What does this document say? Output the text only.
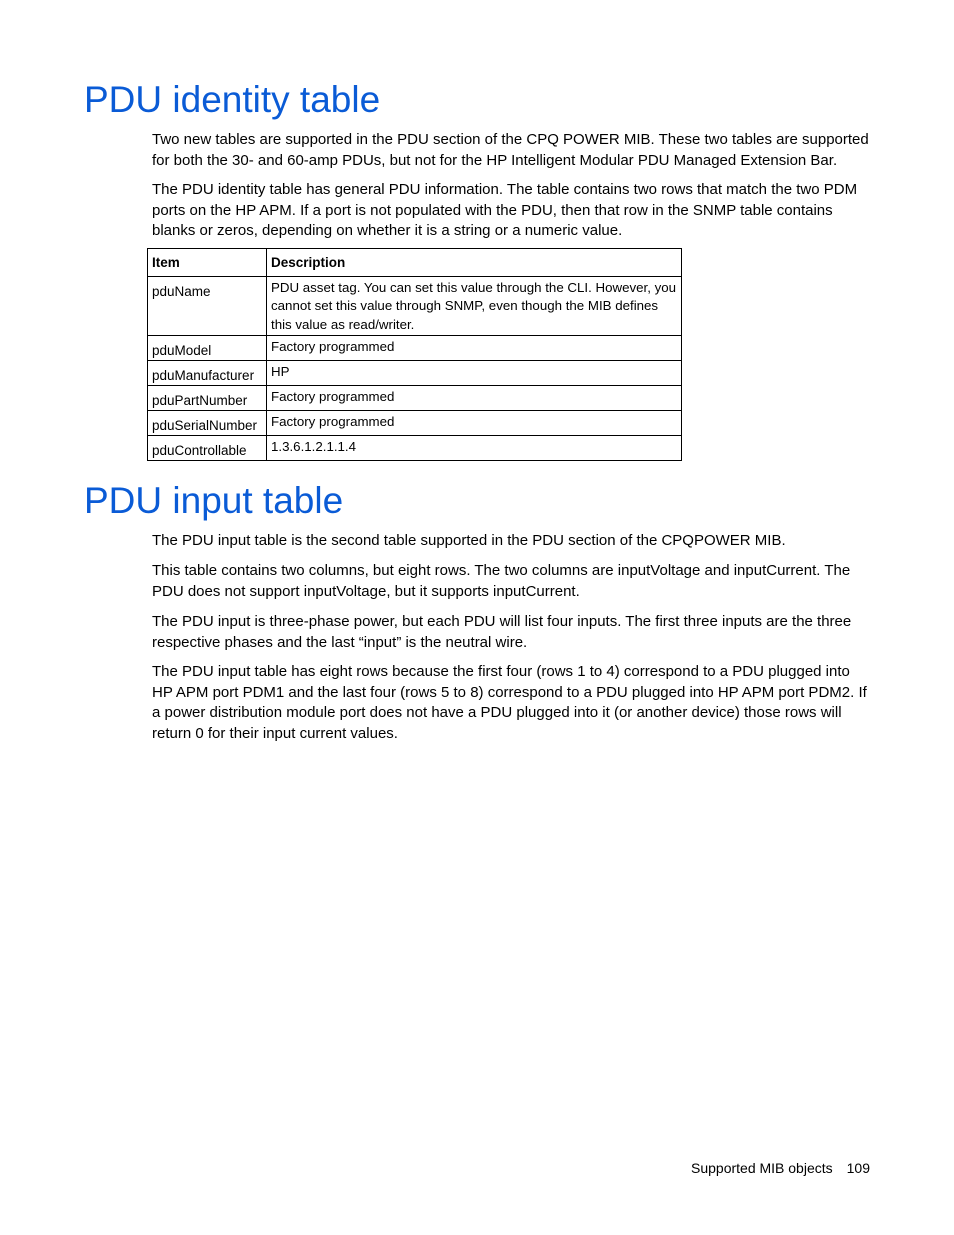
PDU identity table

Two new tables are supported in the PDU section of the CPQ POWER MIB. These two tables are supported for both the 30- and 60-amp PDUs, but not for the HP Intelligent Modular PDU Managed Extension Bar.

The PDU identity table has general PDU information. The table contains two rows that match the two PDM ports on the HP APM. If a port is not populated with the PDU, then that row in the SNMP table contains blanks or zeros, depending on whether it is a string or a numeric value.

Item	Description
pduName	PDU asset tag. You can set this value through the CLI. However, you cannot set this value through SNMP, even though the MIB defines this value as read/writer.
pduModel	Factory programmed
pduManufacturer	HP
pduPartNumber	Factory programmed
pduSerialNumber	Factory programmed
pduControllable	1.3.6.1.2.1.1.4
PDU input table

The PDU input table is the second table supported in the PDU section of the CPQPOWER MIB.

This table contains two columns, but eight rows. The two columns are inputVoltage and inputCurrent. The PDU does not support inputVoltage, but it supports inputCurrent.

The PDU input is three-phase power, but each PDU will list four inputs. The first three inputs are the three respective phases and the last “input” is the neutral wire.

The PDU input table has eight rows because the first four (rows 1 to 4) correspond to a PDU plugged into HP APM port PDM1 and the last four (rows 5 to 8) correspond to a PDU plugged into HP APM port PDM2. If a power distribution module port does not have a PDU plugged into it (or another device) those rows will return 0 for their input current values.

Supported MIB objects 109
